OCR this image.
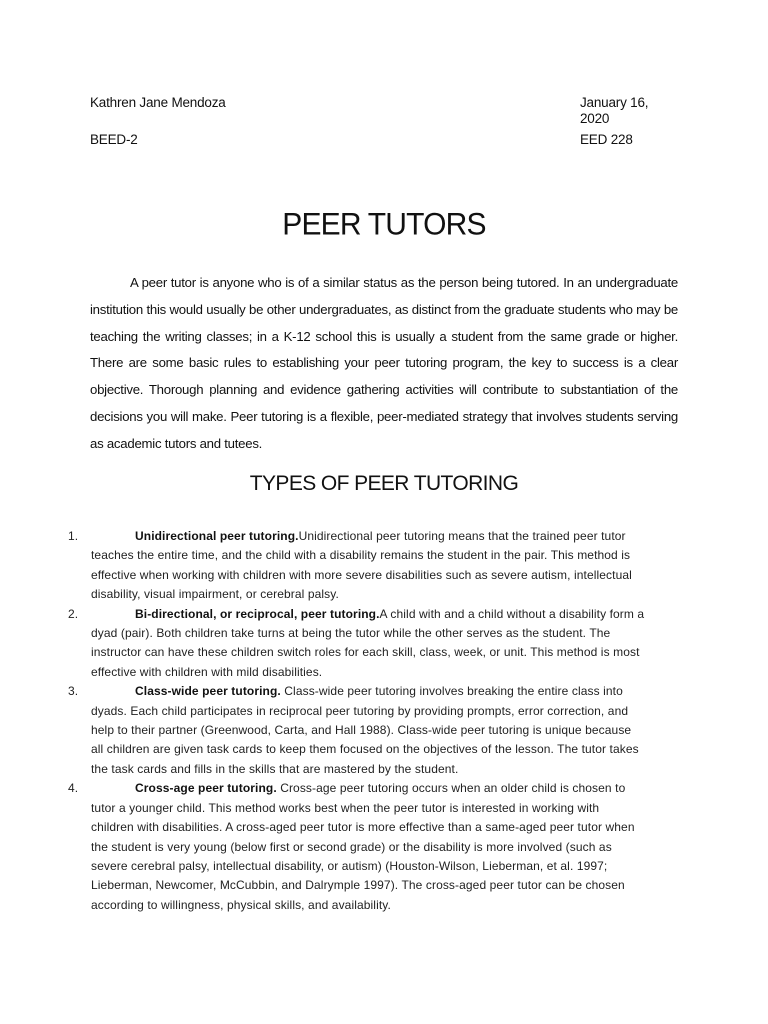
Kathren Jane Mendoza	January 16, 2020
BEED-2	EED 228
PEER TUTORS

A peer tutor is anyone who is of a similar status as the person being tutored. In an undergraduate institution this would usually be other undergraduates, as distinct from the graduate students who may be teaching the writing classes; in a K-12 school this is usually a student from the same grade or higher. There are some basic rules to establishing your peer tutoring program, the key to success is a clear objective. Thorough planning and evidence gathering activities will contribute to substantiation of the decisions you will make. Peer tutoring is a flexible, peer-mediated strategy that involves students serving as academic tutors and tutees.

TYPES OF PEER TUTORING
1.	Unidirectional peer tutoring.Unidirectional peer tutoring means that the trained peer tutor teaches the entire time, and the child with a disability remains the student in the pair. This method is effective when working with children with more severe disabilities such as severe autism, intellectual disability, visual impairment, or cerebral palsy.
2.	Bi-directional, or reciprocal, peer tutoring.A child with and a child without a disability form a dyad (pair). Both children take turns at being the tutor while the other serves as the student. The instructor can have these children switch roles for each skill, class, week, or unit. This method is most effective with children with mild disabilities.
3.	Class-wide peer tutoring. Class-wide peer tutoring involves breaking the entire class into dyads. Each child participates in reciprocal peer tutoring by providing prompts, error correction, and help to their partner (Greenwood, Carta, and Hall 1988). Class-wide peer tutoring is unique because all children are given task cards to keep them focused on the objectives of the lesson. The tutor takes the task cards and fills in the skills that are mastered by the student.
4.	Cross-age peer tutoring. Cross-age peer tutoring occurs when an older child is chosen to tutor a younger child. This method works best when the peer tutor is interested in working with children with disabilities. A cross-aged peer tutor is more effective than a same-aged peer tutor when the student is very young (below first or second grade) or the disability is more involved (such as severe cerebral palsy, intellectual disability, or autism) (Houston-Wilson, Lieberman, et al. 1997; Lieberman, Newcomer, McCubbin, and Dalrymple 1997). The cross-aged peer tutor can be chosen according to willingness, physical skills, and availability.
